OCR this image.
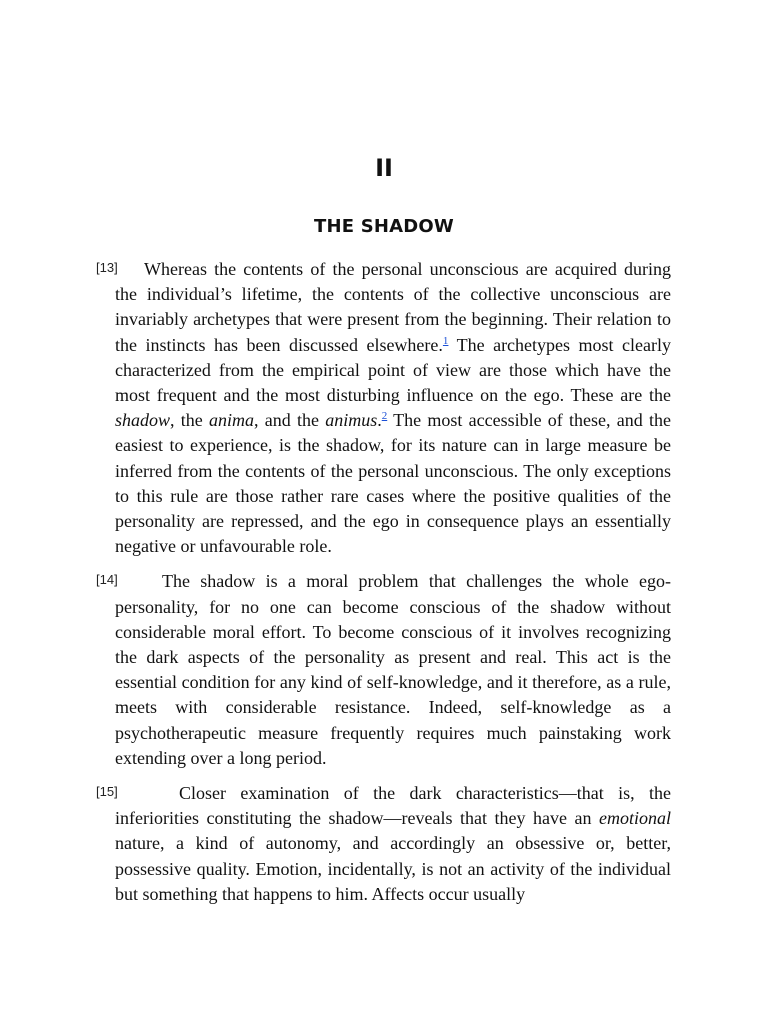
II
THE SHADOW

[13] Whereas the contents of the personal unconscious are acquired during the individual’s lifetime, the contents of the collective unconscious are invariably archetypes that were present from the beginning. Their relation to the instincts has been discussed elsewhere.$^1$ The archetypes most clearly characterized from the empirical point of view are those which have the most frequent and the most disturbing influence on the ego. These are the shadow, the anima, and the animus.$^2$ The most accessible of these, and the easiest to experience, is the shadow, for its nature can in large measure be inferred from the contents of the personal unconscious. The only exceptions to this rule are those rather rare cases where the positive qualities of the personality are repressed, and the ego in consequence plays an essentially negative or unfavourable role.

[14] The shadow is a moral problem that challenges the whole ego-personality, for no one can become conscious of the shadow without considerable moral effort. To become conscious of it involves recognizing the dark aspects of the personality as present and real. This act is the essential condition for any kind of self-knowledge, and it therefore, as a rule, meets with considerable resistance. Indeed, self-knowledge as a psychotherapeutic measure frequently requires much painstaking work extending over a long period.

[15]	Closer examination of the dark characteristics—that is, the inferiorities constituting the shadow—reveals that they have an emotional nature, a kind of autonomy, and accordingly an obsessive or, better, possessive quality. Emotion, incidentally, is not an activity of the individual but something that happens to him. Affects occur usually
